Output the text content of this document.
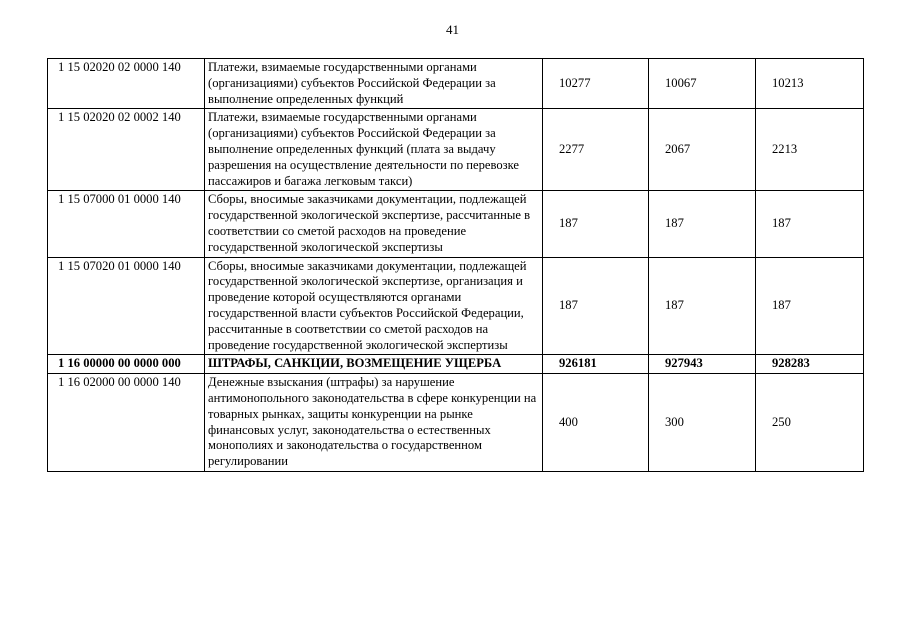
41
1 15 02020 02 0000 140	Платежи, взимаемые государственными органами (организациями) субъектов Российской Федерации за выполнение определенных функций	10277	10067	10213
1 15 02020 02 0002 140	Платежи, взимаемые государственными органами (организациями) субъектов Российской Федерации за выполнение определенных функций (плата за выдачу разрешения на осуществление деятельности по перевозке пассажиров и багажа легковым такси)	2277	2067	2213
1 15 07000 01 0000 140	Сборы, вносимые заказчиками документации, подлежащей государственной экологической экспертизе, рассчитанные в соответствии со сметой расходов на проведение государственной экологической экспертизы	187	187	187
1 15 07020 01 0000 140	Сборы, вносимые заказчиками документации, подлежащей государственной экологической экспертизе, организация и проведение которой осуществляются органами государственной власти субъектов Российской Федерации, рассчитанные в соответствии со сметой расходов на проведение государственной экологической экспертизы	187	187	187
1 16 00000 00 0000 000	ШТРАФЫ, САНКЦИИ, ВОЗМЕЩЕНИЕ УЩЕРБА	926181	927943	928283
1 16 02000 00 0000 140	Денежные взыскания (штрафы) за нарушение антимонопольного законодательства в сфере конкуренции на товарных рынках, защиты конкуренции на рынке финансовых услуг, законодательства о естественных монополиях и законодательства о государственном регулировании	400	300	250
